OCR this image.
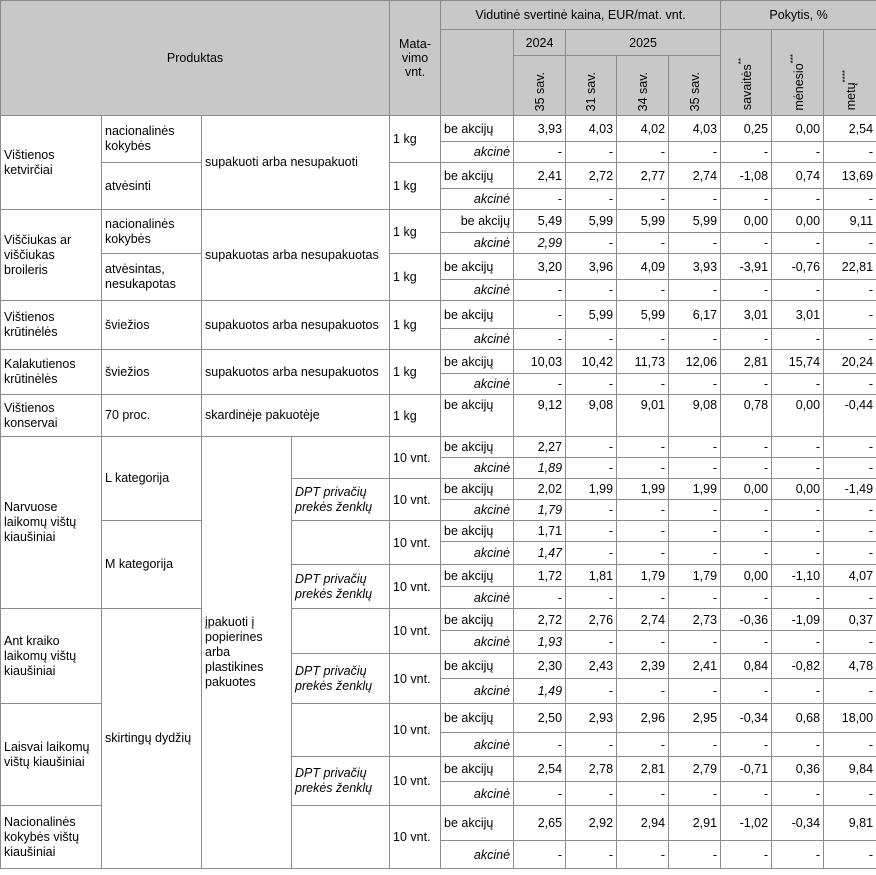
Produktas				Mata-vimo vnt.	Vidutinė svertinė kaina, EUR/mat. vnt.					Pokytis, %		
						2024	2025			savaitės**	mėnesio***	metų****

						35 sav.	31 sav.	34 sav.	35 sav.			

Vištienos ketvirčiai	nacionalinės kokybės	supakuoti arba nesupakuoti		1 kg	be akcijų	3,93	4,03	4,02	4,03	0,25	0,00	2,54
					akcinė	-	-	-	-	-	-	-
	atvėsinti			1 kg	be akcijų	2,41	2,72	2,77	2,74	-1,08	0,74	13,69
					akcinė	-	-	-	-	-	-	-
Viščiukas ar viščiukas broileris	nacionalinės kokybės	supakuotas arba nesupakuotas		1 kg	be akcijų	5,49	5,99	5,99	5,99	0,00	0,00	9,11
					akcinė	2,99	-	-	-	-	-	-
	atvėsintas, nesukapotas			1 kg	be akcijų	3,20	3,96	4,09	3,93	-3,91	-0,76	22,81
					akcinė	-	-	-	-	-	-	-
Vištienos krūtinėlės	šviežios	supakuotos arba nesupakuotos		1 kg	be akcijų	-	5,99	5,99	6,17	3,01	3,01	-
					akcinė	-	-	-	-	-	-	-
Kalakutienos krūtinėlės	šviežios	supakuotos arba nesupakuotos		1 kg	be akcijų	10,03	10,42	11,73	12,06	2,81	15,74	20,24
					akcinė	-	-	-	-	-	-	-
Vištienos konservai	70 proc.	skardinėje pakuotėje		1 kg	be akcijų	9,12	9,08	9,01	9,08	0,78	0,00	-0,44
Narvuose laikomų vištų kiaušiniai	L kategorija	įpakuoti į popierines arba plastikines pakuotes		10 vnt.	be akcijų	2,27	-	-	-	-	-	-
					akcinė	1,89	-	-	-	-	-	-
			DPT privačių prekės ženklų	10 vnt.	be akcijų	2,02	1,99	1,99	1,99	0,00	0,00	-1,49
					akcinė	1,79	-	-	-	-	-	-
	M kategorija			10 vnt.	be akcijų	1,71	-	-	-	-	-	-
					akcinė	1,47	-	-	-	-	-	-
			DPT privačių prekės ženklų	10 vnt.	be akcijų	1,72	1,81	1,79	1,79	0,00	-1,10	4,07
					akcinė	-	-	-	-	-	-	-
Ant kraiko laikomų vištų kiaušiniai	skirtingų dydžių			10 vnt.	be akcijų	2,72	2,76	2,74	2,73	-0,36	-1,09	0,37
					akcinė	1,93	-	-	-	-	-	-
			DPT privačių prekės ženklų	10 vnt.	be akcijų	2,30	2,43	2,39	2,41	0,84	-0,82	4,78
					akcinė	1,49	-	-	-	-	-	-
Laisvai laikomų vištų kiaušiniai				10 vnt.	be akcijų	2,50	2,93	2,96	2,95	-0,34	0,68	18,00
					akcinė	-	-	-	-	-	-	-
			DPT privačių prekės ženklų	10 vnt.	be akcijų	2,54	2,78	2,81	2,79	-0,71	0,36	9,84
					akcinė	-	-	-	-	-	-	-
Nacionalinės kokybės vištų kiaušiniai				10 vnt.	be akcijų	2,65	2,92	2,94	2,91	-1,02	-0,34	9,81
					akcinė	-	-	-	-	-	-	-
